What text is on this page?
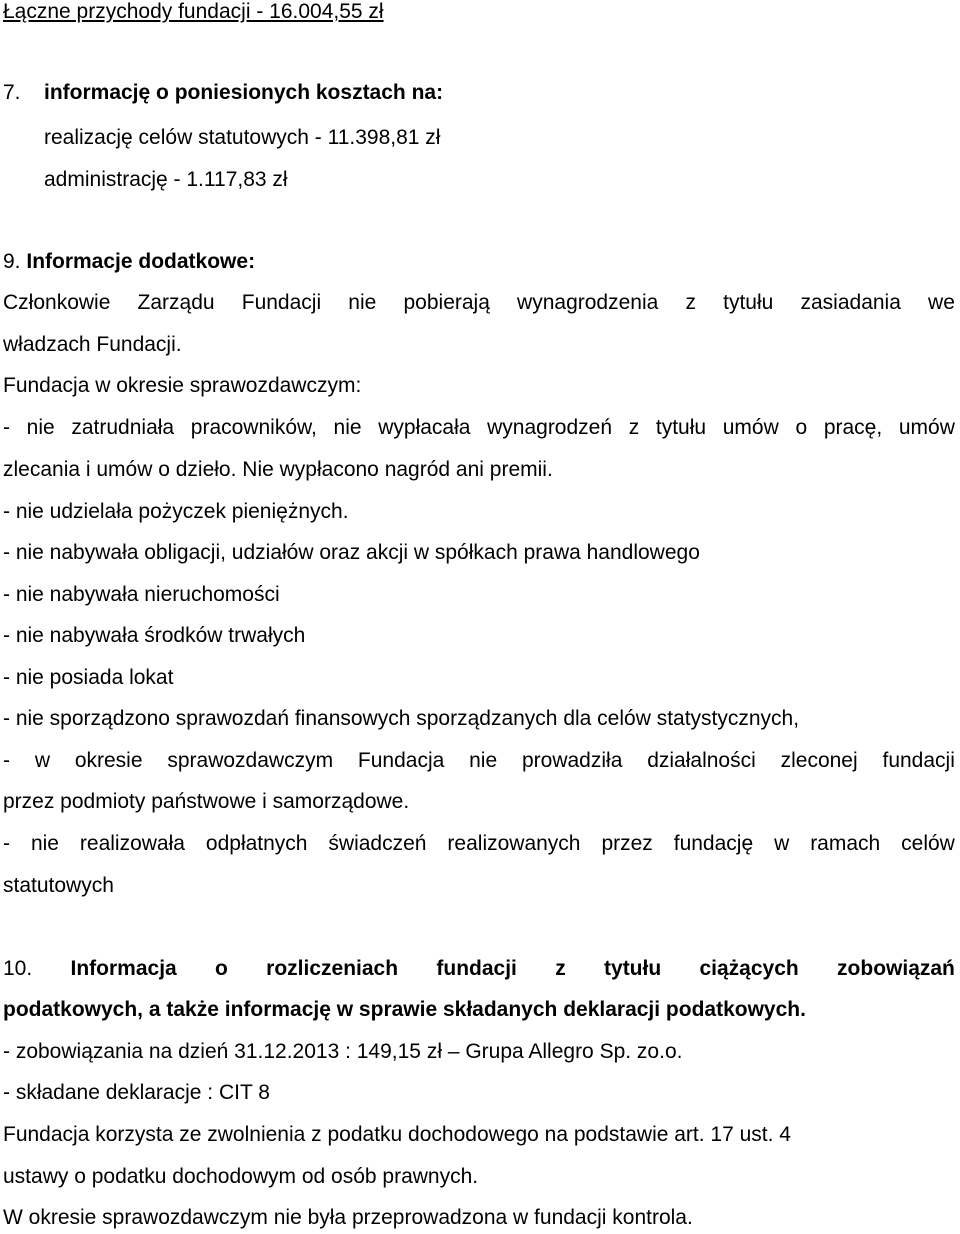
Łączne przychody fundacji - 16.004,55 zł
7. informację o poniesionych kosztach na:
realizację celów statutowych - 11.398,81 zł
administrację - 1.117,83 zł
9. Informacje dodatkowe:
Członkowie Zarządu Fundacji nie pobierają wynagrodzenia z tytułu zasiadania we
władzach Fundacji.
Fundacja w okresie sprawozdawczym:
- nie zatrudniała pracowników, nie wypłacała wynagrodzeń z tytułu umów o pracę, umów
zlecania i umów o dzieło. Nie wypłacono nagród ani premii.
- nie udzielała pożyczek pieniężnych.
- nie nabywała obligacji, udziałów oraz akcji w spółkach prawa handlowego
- nie nabywała nieruchomości
- nie nabywała środków trwałych
- nie posiada lokat
- nie sporządzono sprawozdań finansowych sporządzanych dla celów statystycznych,
- w okresie sprawozdawczym Fundacja nie prowadziła działalności zleconej fundacji
przez podmioty państwowe i samorządowe.
- nie realizowała odpłatnych świadczeń realizowanych przez fundację w ramach celów
statutowych
10. Informacja o rozliczeniach fundacji z tytułu ciążących zobowiązań
podatkowych, a także informację w sprawie składanych deklaracji podatkowych.
- zobowiązania na dzień 31.12.2013 : 149,15 zł – Grupa Allegro Sp. zo.o.
- składane deklaracje : CIT 8
Fundacja korzysta ze zwolnienia z podatku dochodowego na podstawie art. 17 ust. 4
ustawy o podatku dochodowym od osób prawnych.
W okresie sprawozdawczym nie była przeprowadzona w fundacji kontrola.
